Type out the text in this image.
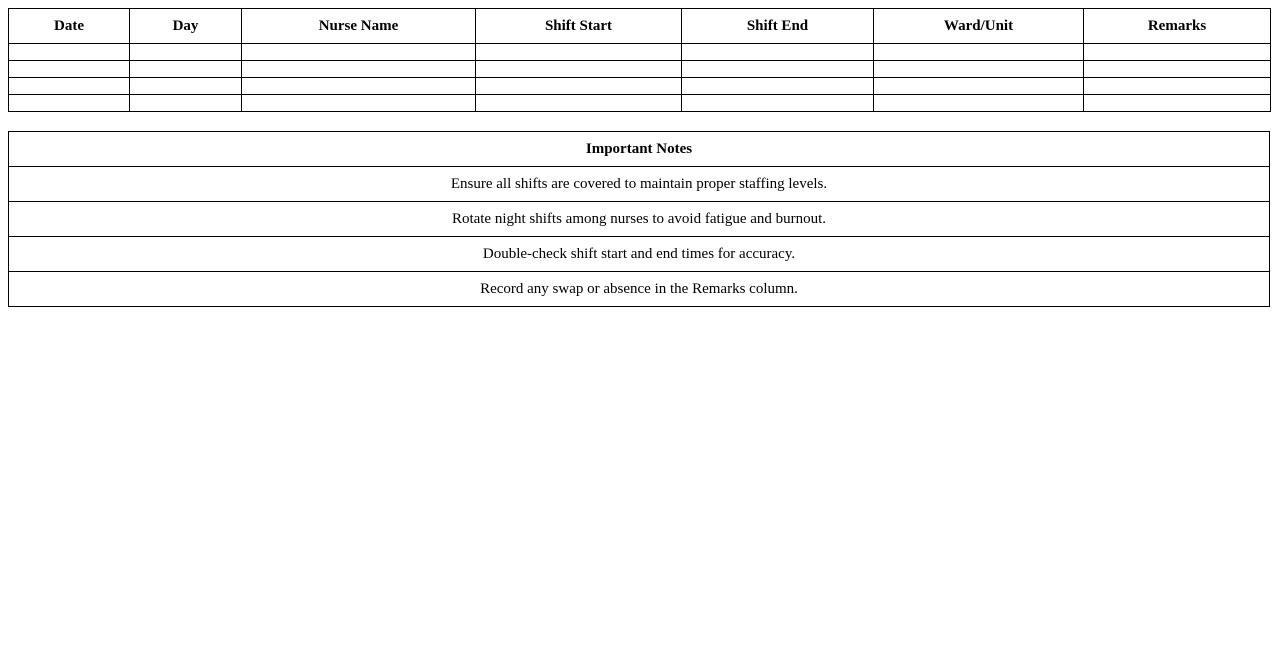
Date	Day	Nurse Name	Shift Start	Shift End	Ward/Unit	Remarks

Important Notes
Ensure all shifts are covered to maintain proper staffing levels.
Rotate night shifts among nurses to avoid fatigue and burnout.
Double-check shift start and end times for accuracy.
Record any swap or absence in the Remarks column.
